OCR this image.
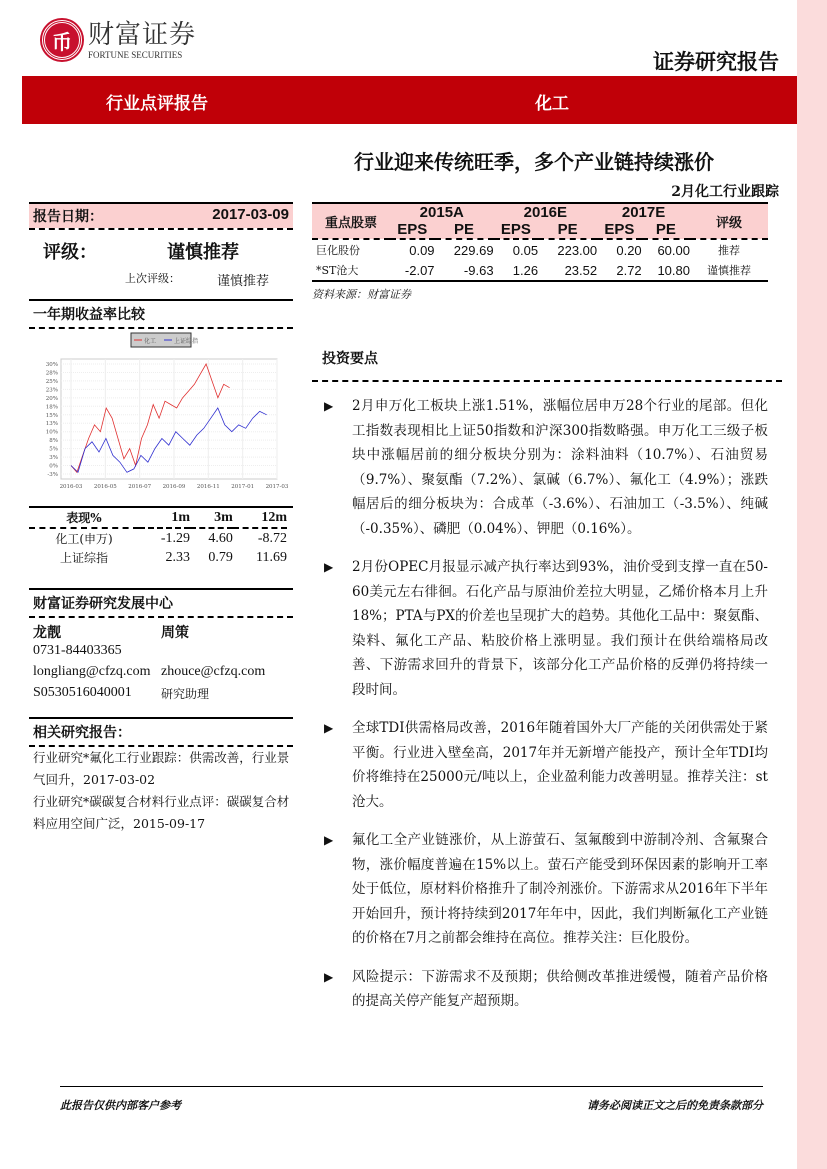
币 财富证券
FORTUNE SECURITIES	证券研究报告
行业点评报告	化工
行业迎来传统旺季，多个产业链持续涨价
2月化工行业跟踪
报告日期：	2017-03-09
评级：	谨慎推荐
上次评级：	谨慎推荐
一年期收益率比较
化工	上证综指
30%
28%
25%
23%
20%
18%
15%
13%
10%
8%
5%
3%
0%
-3%
2016-03 2016-05 2016-07 2016-09 2016-11 2017-01 2017-03
表现%	1m	3m	12m
化工(申万)	-1.29	4.60	-8.72
上证综指	2.33	0.79	11.69
财富证券研究发展中心
龙靓	周策
0731-84403365
longliang@cfzq.com zhouce@cfzq.com
S0530516040001	研究助理
相关研究报告：
行业研究*氟化工行业跟踪：供需改善，行业景气回升，2017-03-02
行业研究*碳碳复合材料行业点评：碳碳复合材料应用空间广泛，2015-09-17
重点股票	2015A		2016E		2017E		评级
	EPS	PE	EPS	PE	EPS	PE	
巨化股份	0.09	229.69	0.05	223.00	0.20	60.00	推荐
*ST沧大	-2.07	-9.63	1.26	23.52	2.72	10.80	谨慎推荐
资料来源：财富证券
投资要点
▶	2月申万化工板块上涨1.51%，涨幅位居申万28个行业的尾部。但化工指数表现相比上证50指数和沪深300指数略强。申万化工三级子板块中涨幅居前的细分板块分别为：涂料油料（10.7%）、石油贸易（9.7%）、聚氨酯（7.2%）、氯碱（6.7%）、氟化工（4.9%）；涨跌幅居后的细分板块为：合成革（-3.6%）、石油加工（-3.5%）、纯碱（-0.35%）、磷肥（0.04%）、钾肥（0.16%）。

▶	2月份OPEC月报显示减产执行率达到93%，油价受到支撑一直在50-60美元左右徘徊。石化产品与原油价差拉大明显，乙烯价格本月上升18%；PTA与PX的价差也呈现扩大的趋势。其他化工品中：聚氨酯、染料、氟化工产品、粘胶价格上涨明显。我们预计在供给端格局改善、下游需求回升的背景下，该部分化工产品价格的反弹仍将持续一段时间。

▶	全球TDI供需格局改善，2016年随着国外大厂产能的关闭供需处于紧平衡。行业进入壁垒高，2017年并无新增产能投产，预计全年TDI均价将维持在25000元/吨以上，企业盈利能力改善明显。推荐关注：st沧大。

▶	氟化工全产业链涨价，从上游萤石、氢氟酸到中游制冷剂、含氟聚合物，涨价幅度普遍在15%以上。萤石产能受到环保因素的影响开工率处于低位，原材料价格推升了制冷剂涨价。下游需求从2016年下半年开始回升，预计将持续到2017年年中，因此，我们判断氟化工产业链的价格在7月之前都会维持在高位。推荐关注：巨化股份。

▶	风险提示：下游需求不及预期；供给侧改革推进缓慢，随着产品价格的提高关停产能复产超预期。

此报告仅供内部客户参考	请务必阅读正文之后的免责条款部分
